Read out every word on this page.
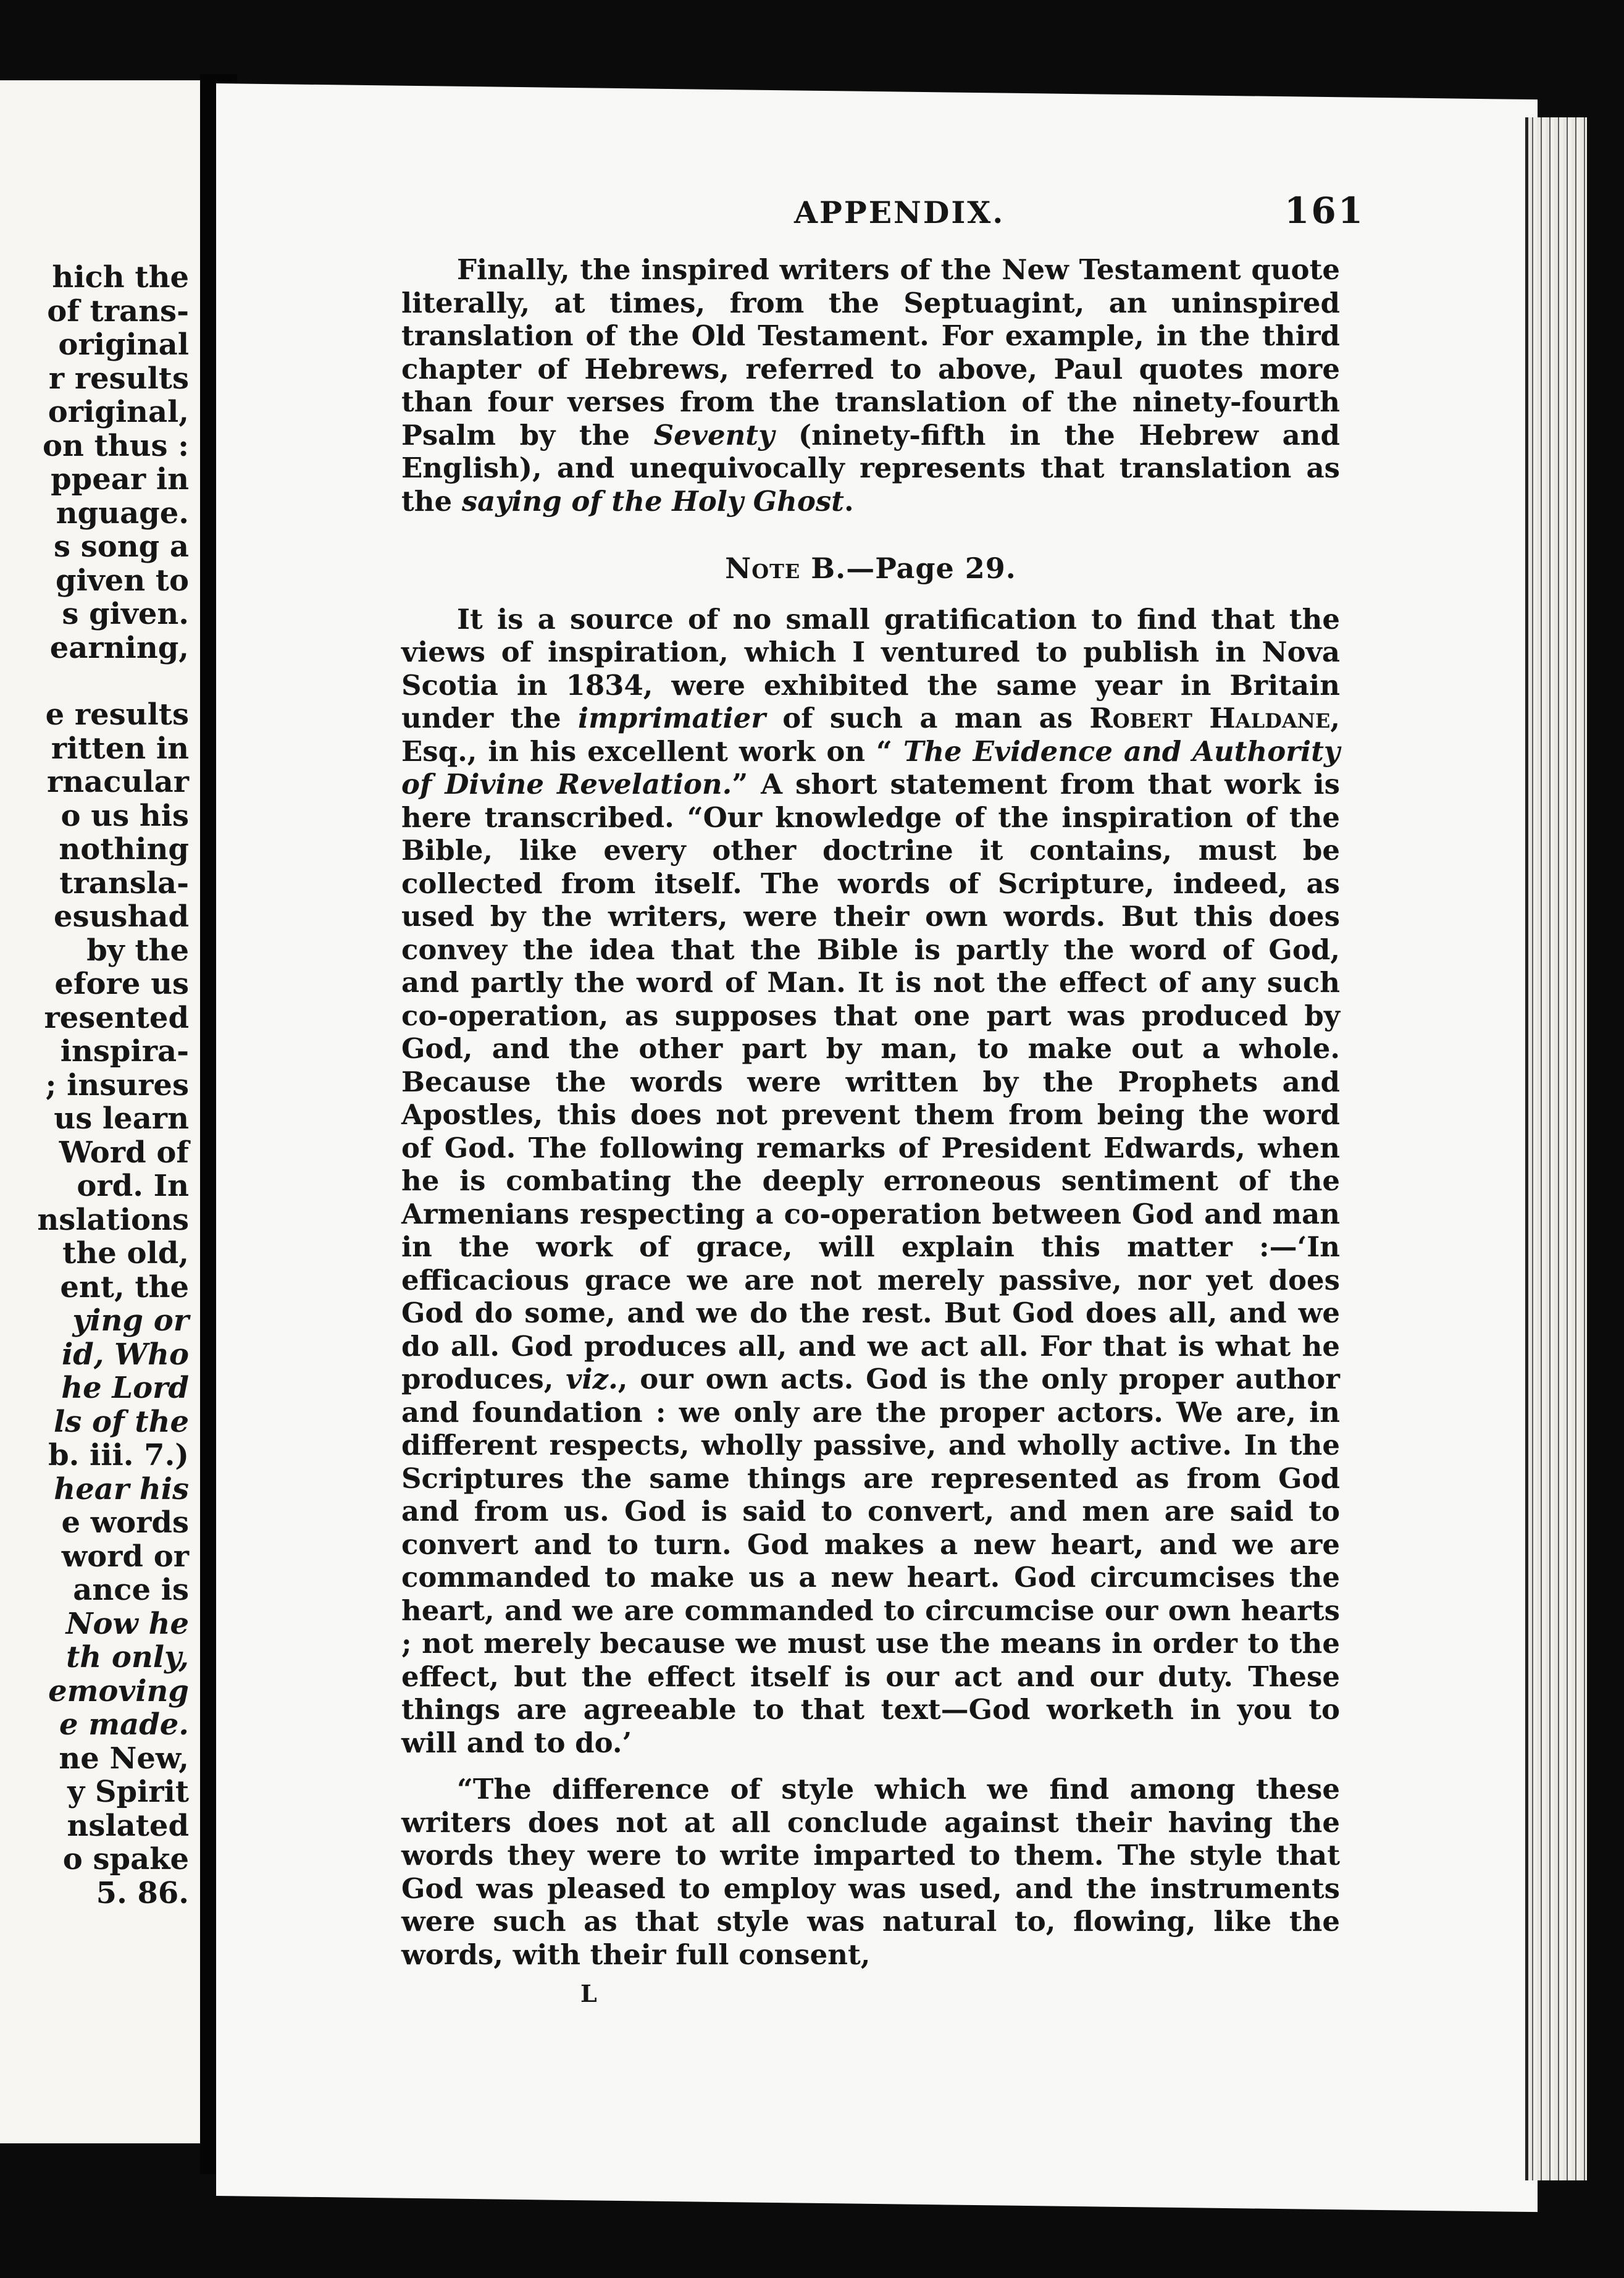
hich the
of trans-
original
r results
original,
on thus :
ppear in
nguage.
s song a
given to
s given.
earning,
e results
ritten in
rnacular
o us his
nothing
transla-
esushad
by the
efore us
resented
inspira-
; insures
us learn
Word of
ord. In
nslations
the old,
ent, the
ying or
id, Who
he Lord
ls of the
b. iii. 7.)
hear his
e words
word or
ance is
Now he
th only,
emoving
e made.
ne New,
y Spirit
nslated
o spake
5. 86.
APPENDIX.	161

Finally, the inspired writers of the New Testament quote literally, at times, from the Septuagint, an uninspired translation of the Old Testament. For example, in the third chapter of Hebrews, referred to above, Paul quotes more than four verses from the translation of the ninety-fourth Psalm by the Seventy (ninety-fifth in the Hebrew and English), and unequivocally represents that translation as the saying of the Holy Ghost.

Note B.—Page 29.

It is a source of no small gratification to find that the views of inspiration, which I ventured to publish in Nova Scotia in 1834, were exhibited the same year in Britain under the imprimatier of such a man as Robert Haldane, Esq., in his excellent work on “ The Evidence and Authority of Divine Revelation.” A short statement from that work is here transcribed. “Our knowledge of the inspiration of the Bible, like every other doctrine it contains, must be collected from itself. The words of Scripture, indeed, as used by the writers, were their own words. But this does convey the idea that the Bible is partly the word of God, and partly the word of Man. It is not the effect of any such co-operation, as supposes that one part was produced by God, and the other part by man, to make out a whole. Because the words were written by the Prophets and Apostles, this does not prevent them from being the word of God. The following remarks of President Edwards, when he is combating the deeply erroneous sentiment of the Armenians respecting a co-operation between God and man in the work of grace, will explain this matter :—‘In efficacious grace we are not merely passive, nor yet does God do some, and we do the rest. But God does all, and we do all. God produces all, and we act all. For that is what he produces, viz., our own acts. God is the only proper author and foundation : we only are the proper actors. We are, in different respects, wholly passive, and wholly active. In the Scriptures the same things are represented as from God and from us. God is said to convert, and men are said to convert and to turn. God makes a new heart, and we are commanded to make us a new heart. God circumcises the heart, and we are commanded to circumcise our own hearts ; not merely because we must use the means in order to the effect, but the effect itself is our act and our duty. These things are agreeable to that text—God worketh in you to will and to do.’

“The difference of style which we find among these writers does not at all conclude against their having the words they were to write imparted to them. The style that God was pleased to employ was used, and the instruments were such as that style was natural to, flowing, like the words, with their full consent,

L
